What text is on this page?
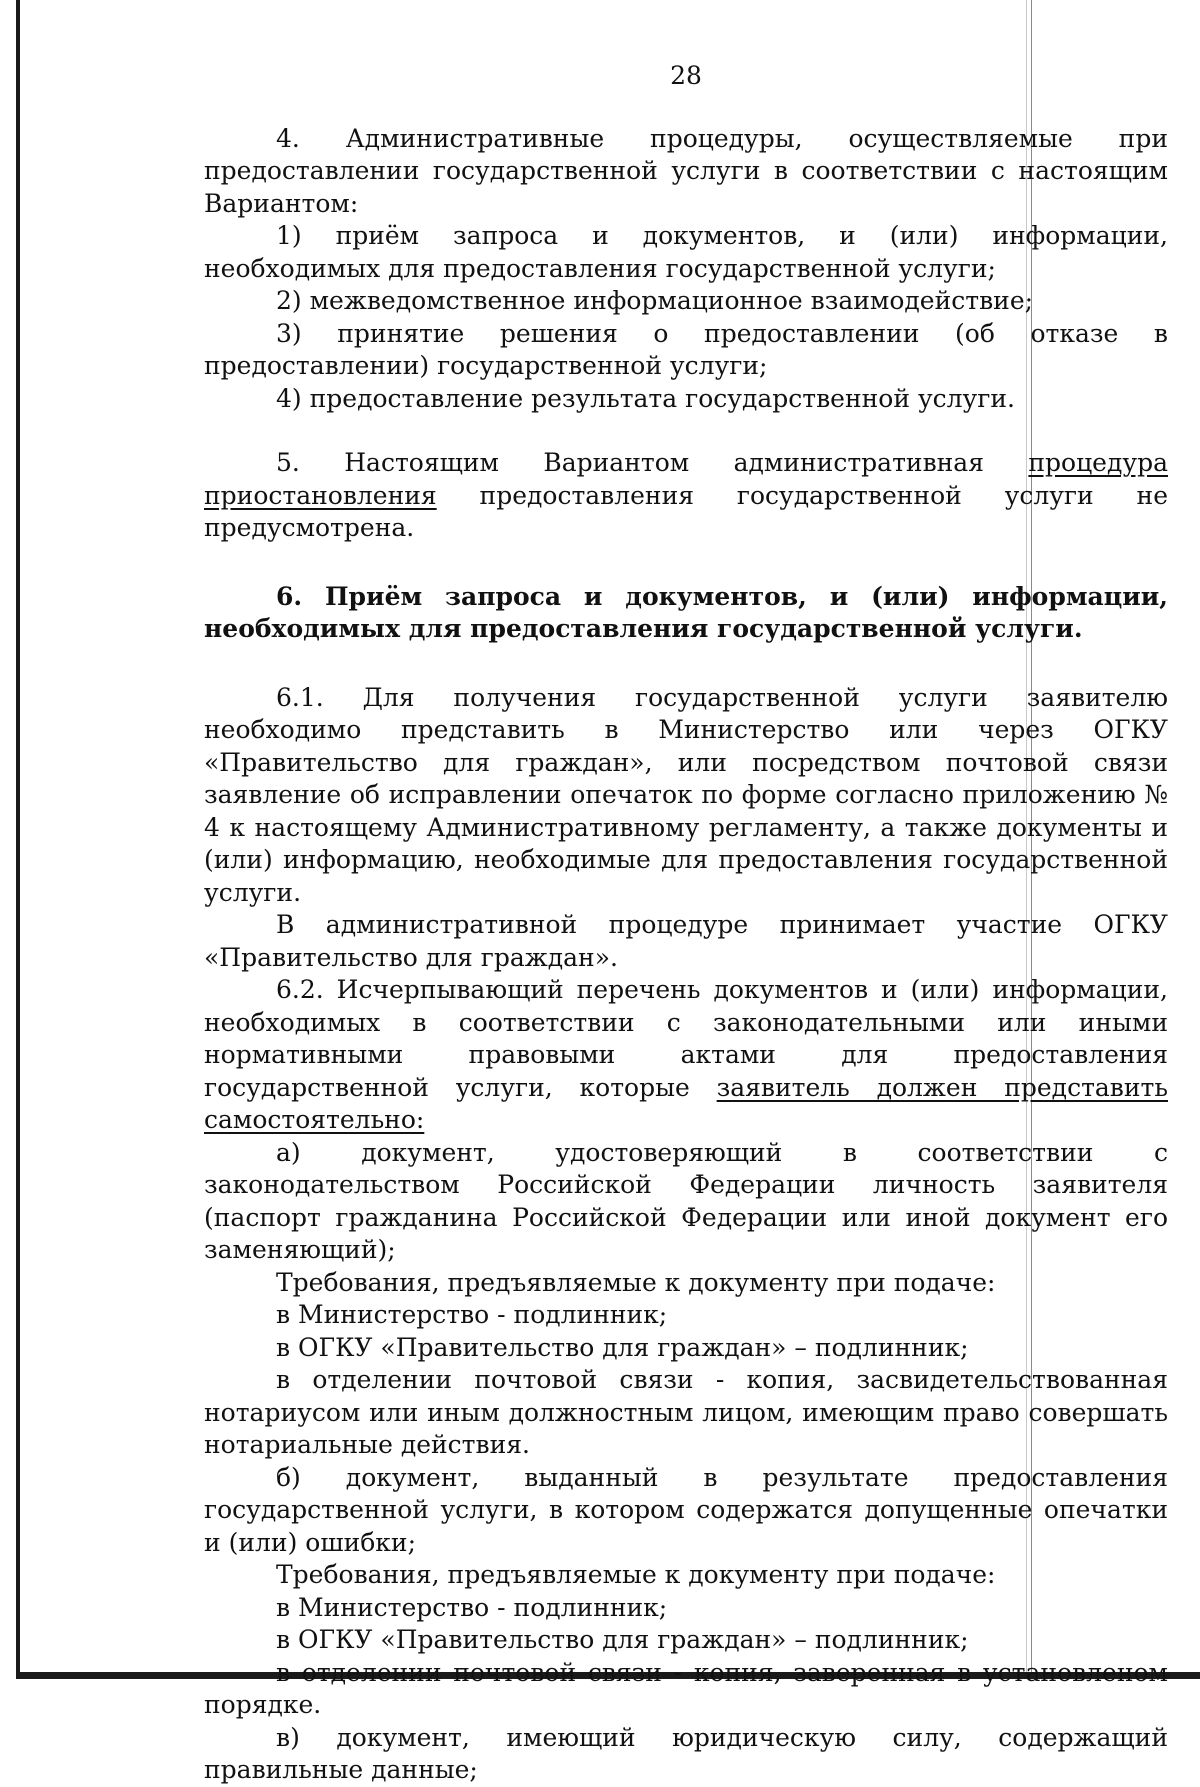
28

4. Административные процедуры, осуществляемые при предоставлении государственной услуги в соответствии с настоящим Вариантом:

1) приём запроса и документов, и (или) информации, необходимых для предоставления государственной услуги;

2) межведомственное информационное взаимодействие;

3) принятие решения о предоставлении (об отказе в предоставлении) государственной услуги;

4) предоставление результата государственной услуги.

5. Настоящим Вариантом административная процедура приостановления предоставления государственной услуги не предусмотрена.

6. Приём запроса и документов, и (или) информации, необходимых для предоставления государственной услуги.

6.1. Для получения государственной услуги заявителю необходимо представить в Министерство или через ОГКУ «Правительство для граждан», или посредством почтовой связи заявление об исправлении опечаток по форме согласно приложению № 4 к настоящему Административному регламенту, а также документы и (или) информацию, необходимые для предоставления государственной услуги.

В административной процедуре принимает участие ОГКУ «Правительство для граждан».

6.2. Исчерпывающий перечень документов и (или) информации, необходимых в соответствии с законодательными или иными нормативными правовыми актами для предоставления государственной услуги, которые заявитель должен представить самостоятельно:

а) документ, удостоверяющий в соответствии с законодательством Российской Федерации личность заявителя (паспорт гражданина Российской Федерации или иной документ его заменяющий);

Требования, предъявляемые к документу при подаче:

в Министерство - подлинник;

в ОГКУ «Правительство для граждан» – подлинник;

в отделении почтовой связи - копия, засвидетельствованная нотариусом или иным должностным лицом, имеющим право совершать нотариальные действия.

б) документ, выданный в результате предоставления государственной услуги, в котором содержатся допущенные опечатки и (или) ошибки;

Требования, предъявляемые к документу при подаче:

в Министерство - подлинник;

в ОГКУ «Правительство для граждан» – подлинник;

в отделении почтовой связи - копия, заверенная в установленом порядке.

в) документ, имеющий юридическую силу, содержащий правильные данные;
